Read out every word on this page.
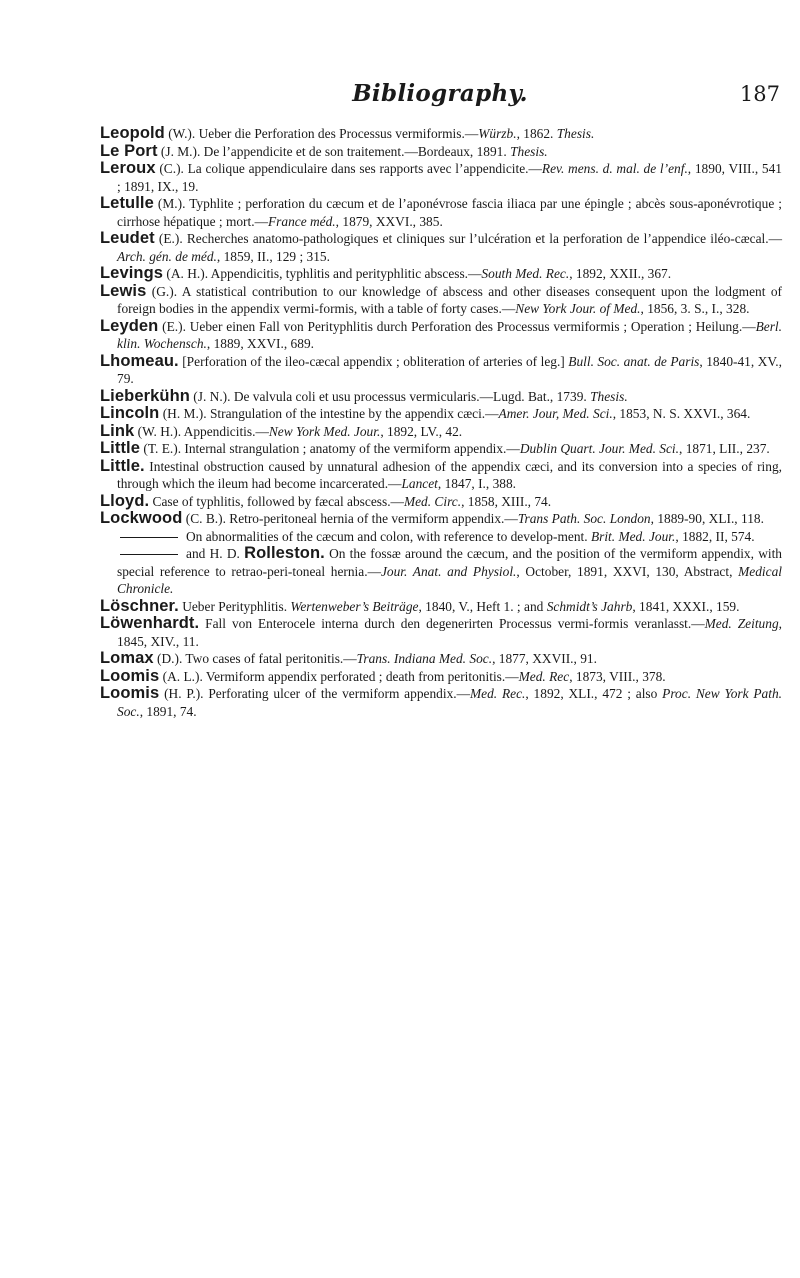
Bibliography.	187

Leopold (W.). Ueber die Perforation des Processus vermiformis.—Würzb., 1862. Thesis.

Le Port (J. M.). De l’appendicite et de son traitement.—Bordeaux, 1891. Thesis.

Leroux (C.). La colique appendiculaire dans ses rapports avec l’appendicite.—Rev. mens. d. mal. de l’enf., 1890, VIII., 541 ; 1891, IX., 19.

Letulle (M.). Typhlite ; perforation du cæcum et de l’aponévrose fascia iliaca par une épingle ; abcès sous-aponévrotique ; cirrhose hépatique ; mort.—France méd., 1879, XXVI., 385.

Leudet (E.). Recherches anatomo-pathologiques et cliniques sur l’ulcération et la perforation de l’appendice iléo-cæcal.—Arch. gén. de méd., 1859, II., 129 ; 315.

Levings (A. H.). Appendicitis, typhlitis and perityphlitic abscess.—South Med. Rec., 1892, XXII., 367.

Lewis (G.). A statistical contribution to our knowledge of abscess and other diseases consequent upon the lodgment of foreign bodies in the appendix vermi-formis, with a table of forty cases.—New York Jour. of Med., 1856, 3. S., I., 328.

Leyden (E.). Ueber einen Fall von Perityphlitis durch Perforation des Processus vermiformis ; Operation ; Heilung.—Berl. klin. Wochensch., 1889, XXVI., 689.

Lhomeau. [Perforation of the ileo-cæcal appendix ; obliteration of arteries of leg.] Bull. Soc. anat. de Paris, 1840-41, XV., 79.

Lieberkühn (J. N.). De valvula coli et usu processus vermicularis.—Lugd. Bat., 1739. Thesis.

Lincoln (H. M.). Strangulation of the intestine by the appendix cæci.—Amer. Jour, Med. Sci., 1853, N. S. XXVI., 364.

Link (W. H.). Appendicitis.—New York Med. Jour., 1892, LV., 42.

Little (T. E.). Internal strangulation ; anatomy of the vermiform appendix.—Dublin Quart. Jour. Med. Sci., 1871, LII., 237.

Little. Intestinal obstruction caused by unnatural adhesion of the appendix cæci, and its conversion into a species of ring, through which the ileum had become incarcerated.—Lancet, 1847, I., 388.

Lloyd. Case of typhlitis, followed by fæcal abscess.—Med. Circ., 1858, XIII., 74.

Lockwood (C. B.). Retro-peritoneal hernia of the vermiform appendix.—Trans Path. Soc. London, 1889-90, XLI., 118.

On abnormalities of the cæcum and colon, with reference to develop-ment. Brit. Med. Jour., 1882, II, 574.

and H. D. Rolleston. On the fossæ around the cæcum, and the position of the vermiform appendix, with special reference to retrao-peri-toneal hernia.—Jour. Anat. and Physiol., October, 1891, XXVI, 130, Abstract, Medical Chronicle.

Löschner. Ueber Perityphlitis. Wertenweber’s Beiträge, 1840, V., Heft 1. ; and Schmidt’s Jahrb, 1841, XXXI., 159.

Löwenhardt. Fall von Enterocele interna durch den degenerirten Processus vermi-formis veranlasst.—Med. Zeitung, 1845, XIV., 11.

Lomax (D.). Two cases of fatal peritonitis.—Trans. Indiana Med. Soc., 1877, XXVII., 91.

Loomis (A. L.). Vermiform appendix perforated ; death from peritonitis.—Med. Rec, 1873, VIII., 378.

Loomis (H. P.). Perforating ulcer of the vermiform appendix.—Med. Rec., 1892, XLI., 472 ; also Proc. New York Path. Soc., 1891, 74.
